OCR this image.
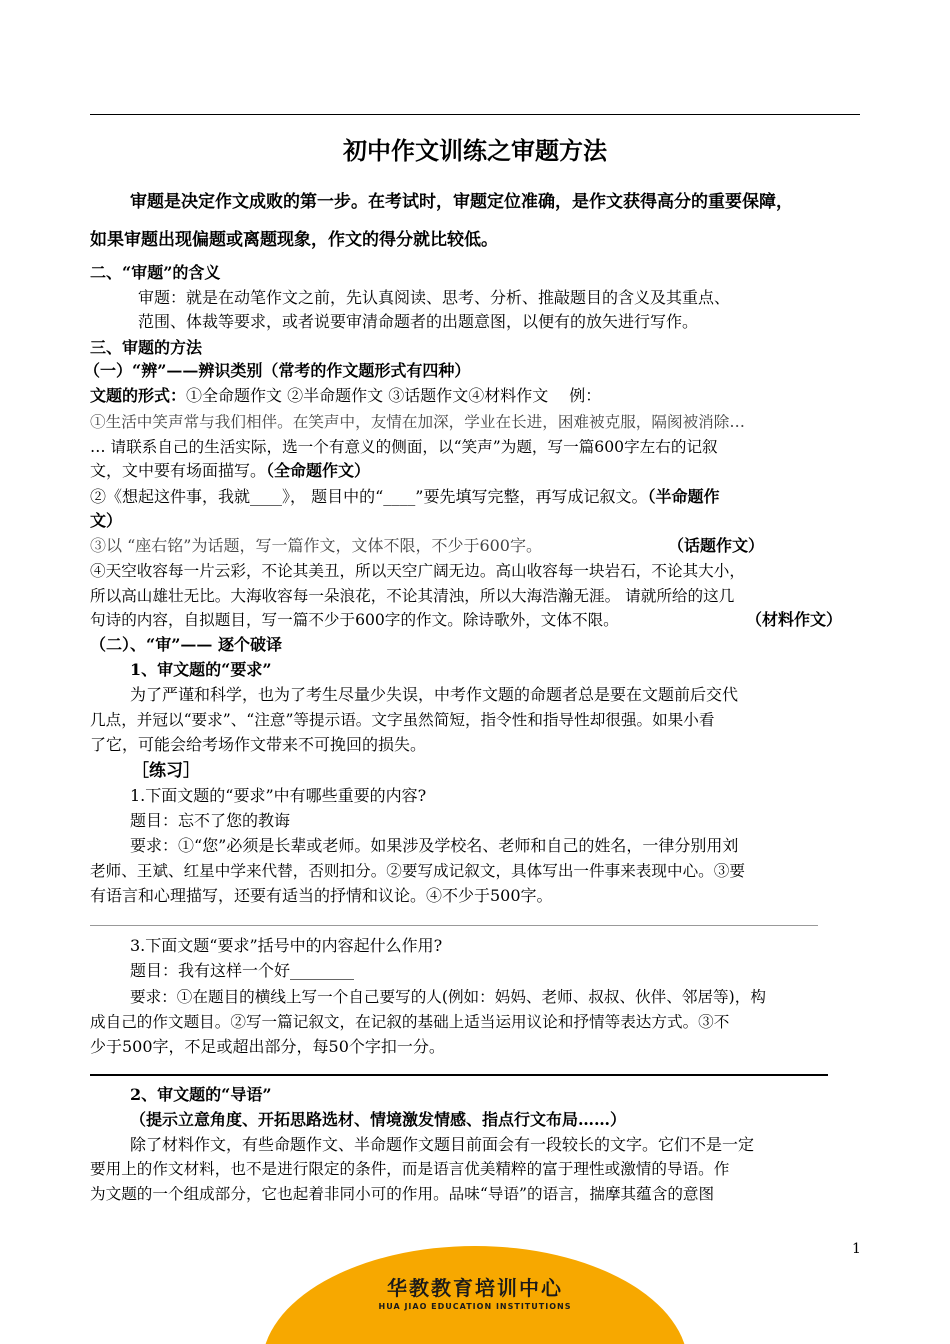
初中作文训练之审题方法
审题是决定作文成败的第一步。在考试时，审题定位准确，是作文获得高分的重要保障，
如果审题出现偏题或离题现象，作文的得分就比较低。
二、“审题”的含义
审题：就是在动笔作文之前，先认真阅读、思考、分析、推敲题目的含义及其重点、
范围、体裁等要求，或者说要审清命题者的出题意图，以便有的放矢进行写作。
三、审题的方法
（一）“辨”——辨识类别（常考的作文题形式有四种）
文题的形式：①全命题作文 ②半命题作文 ③话题作文④材料作文　 例：
①生活中笑声常与我们相伴。在笑声中，友情在加深，学业在长进，困难被克服，隔阂被消除…
… 请联系自己的生活实际，选一个有意义的侧面，以“笑声”为题，写一篇600字左右的记叙
文，文中要有场面描写。（全命题作文）
②《想起这件事，我就____》， 题目中的“____”要先填写完整，再写成记叙文。（半命题作
文）
③以 “座右铭”为话题，写一篇作文，文体不限，不少于600字。	（话题作文）
④天空收容每一片云彩，不论其美丑，所以天空广阔无边。高山收容每一块岩石，不论其大小，
所以高山雄壮无比。大海收容每一朵浪花，不论其清浊，所以大海浩瀚无涯。 请就所给的这几
句诗的内容，自拟题目，写一篇不少于600字的作文。除诗歌外，文体不限。	（材料作文）
（二）、“审”—— 逐个破译
1、审文题的“要求”
为了严谨和科学，也为了考生尽量少失误，中考作文题的命题者总是要在文题前后交代
几点，并冠以“要求”、“注意”等提示语。文字虽然简短，指令性和指导性却很强。如果小看
了它，可能会给考场作文带来不可挽回的损失。
［练习］
1.下面文题的“要求”中有哪些重要的内容?
题目：忘不了您的教诲
要求：①“您”必须是长辈或老师。如果涉及学校名、老师和自己的姓名，一律分别用刘
老师、王斌、红星中学来代替，否则扣分。②要写成记叙文，具体写出一件事来表现中心。③要
有语言和心理描写，还要有适当的抒情和议论。④不少于500字。
3.下面文题“要求”括号中的内容起什么作用?
题目：我有这样一个好________
要求：①在题目的横线上写一个自己要写的人(例如：妈妈、老师、叔叔、伙伴、邻居等)，构
成自己的作文题目。②写一篇记叙文，在记叙的基础上适当运用议论和抒情等表达方式。③不
少于500字，不足或超出部分，每50个字扣一分。
2、审文题的“导语”
（提示立意角度、开拓思路选材、情境激发情感、指点行文布局……）
除了材料作文，有些命题作文、半命题作文题目前面会有一段较长的文字。它们不是一定
要用上的作文材料，也不是进行限定的条件，而是语言优美精粹的富于理性或激情的导语。作
为文题的一个组成部分，它也起着非同小可的作用。品味“导语”的语言，揣摩其蕴含的意图
1
华教教育培训中心
HUA JIAO EDUCATION INSTITUTIONS
